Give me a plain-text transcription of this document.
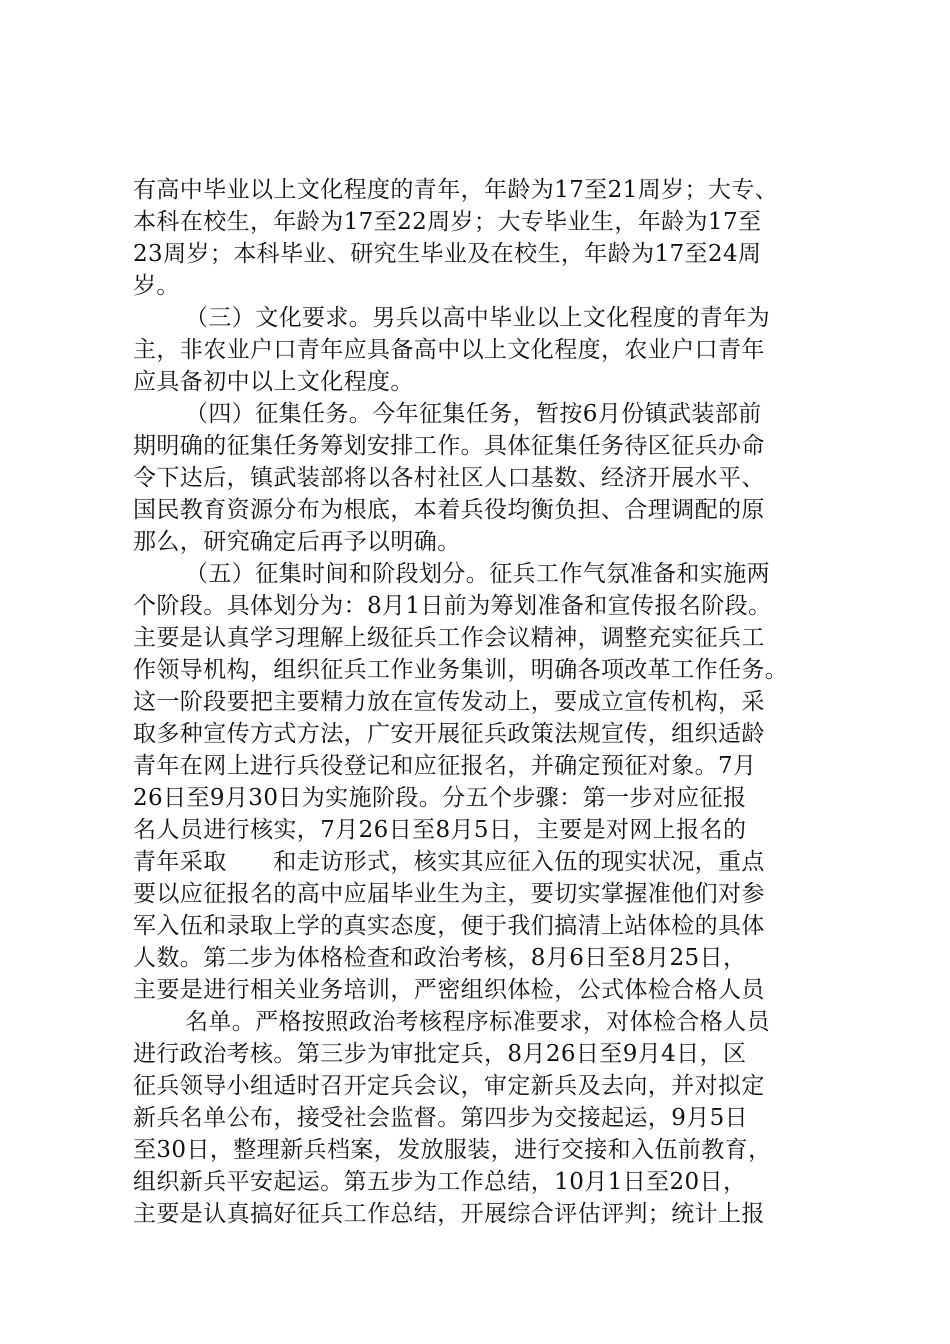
有高中毕业以上文化程度的青年，年龄为17至21周岁；大专、
本科在校生，年龄为17至22周岁；大专毕业生，年龄为17至
23周岁；本科毕业、研究生毕业及在校生，年龄为17至24周
岁。
（三）文化要求。男兵以高中毕业以上文化程度的青年为
主，非农业户口青年应具备高中以上文化程度，农业户口青年
应具备初中以上文化程度。
（四）征集任务。今年征集任务，暂按6月份镇武装部前
期明确的征集任务筹划安排工作。具体征集任务待区征兵办命
令下达后，镇武装部将以各村社区人口基数、经济开展水平、
国民教育资源分布为根底，本着兵役均衡负担、合理调配的原
那么，研究确定后再予以明确。
（五）征集时间和阶段划分。征兵工作气氛准备和实施两
个阶段。具体划分为：8月1日前为筹划准备和宣传报名阶段。
主要是认真学习理解上级征兵工作会议精神，调整充实征兵工
作领导机构，组织征兵工作业务集训，明确各项改革工作任务。
这一阶段要把主要精力放在宣传发动上，要成立宣传机构，采
取多种宣传方式方法，广安开展征兵政策法规宣传，组织适龄
青年在网上进行兵役登记和应征报名，并确定预征对象。7月
26日至9月30日为实施阶段。分五个步骤：第一步对应征报
名人员进行核实，7月26日至8月5日，主要是对网上报名的
青年采取　　和走访形式，核实其应征入伍的现实状况，重点
要以应征报名的高中应届毕业生为主，要切实掌握准他们对参
军入伍和录取上学的真实态度，便于我们搞清上站体检的具体
人数。第二步为体格检查和政治考核，8月6日至8月25日，
主要是进行相关业务培训，严密组织体检，公式体检合格人员
名单。严格按照政治考核程序标准要求，对体检合格人员
进行政治考核。第三步为审批定兵，8月26日至9月4日，区
征兵领导小组适时召开定兵会议，审定新兵及去向，并对拟定
新兵名单公布，接受社会监督。第四步为交接起运，9月5日
至30日，整理新兵档案，发放服装，进行交接和入伍前教育，
组织新兵平安起运。第五步为工作总结，10月1日至20日，
主要是认真搞好征兵工作总结，开展综合评估评判；统计上报
